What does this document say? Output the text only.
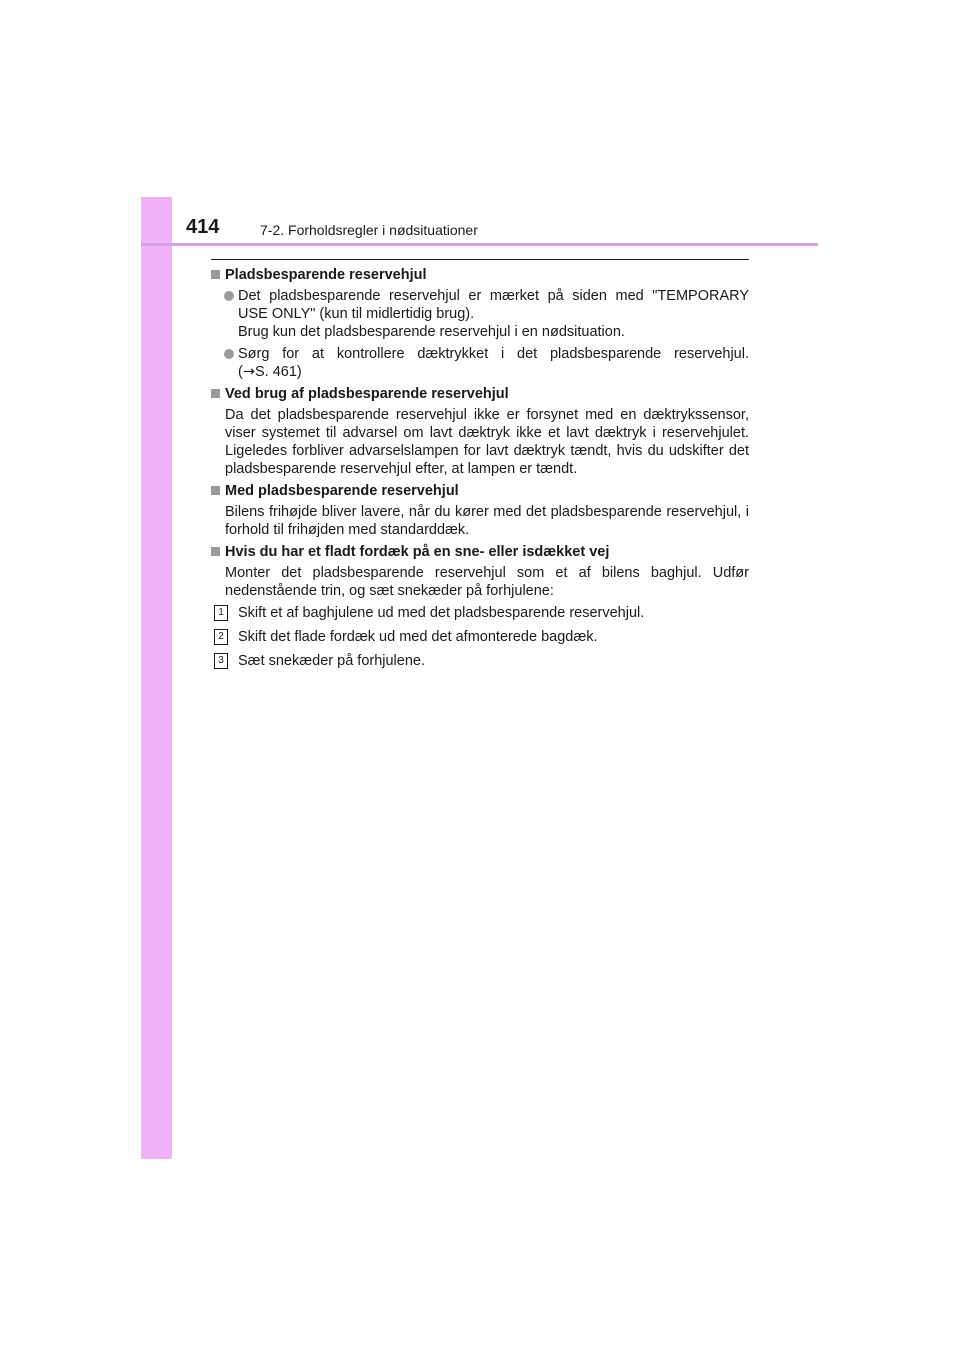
414	7-2. Forholdsregler i nødsituationer
Pladsbesparende reservehjul
Det pladsbesparende reservehjul er mærket på siden med "TEMPORARY
USE ONLY" (kun til midlertidig brug).
Brug kun det pladsbesparende reservehjul i en nødsituation.
Sørg for at kontrollere dæktrykket i det pladsbesparende reservehjul.
(→S. 461)
Ved brug af pladsbesparende reservehjul
Da det pladsbesparende reservehjul ikke er forsynet med en dæktrykssensor,
viser systemet til advarsel om lavt dæktryk ikke et lavt dæktryk i reservehjulet.
Ligeledes forbliver advarselslampen for lavt dæktryk tændt, hvis du udskifter det
pladsbesparende reservehjul efter, at lampen er tændt.
Med pladsbesparende reservehjul
Bilens frihøjde bliver lavere, når du kører med det pladsbesparende reservehjul, i
forhold til frihøjden med standarddæk.
Hvis du har et fladt fordæk på en sne- eller isdækket vej
Monter det pladsbesparende reservehjul som et af bilens baghjul. Udfør
nedenstående trin, og sæt snekæder på forhjulene:
1 Skift et af baghjulene ud med det pladsbesparende reservehjul.
2 Skift det flade fordæk ud med det afmonterede bagdæk.
3 Sæt snekæder på forhjulene.
